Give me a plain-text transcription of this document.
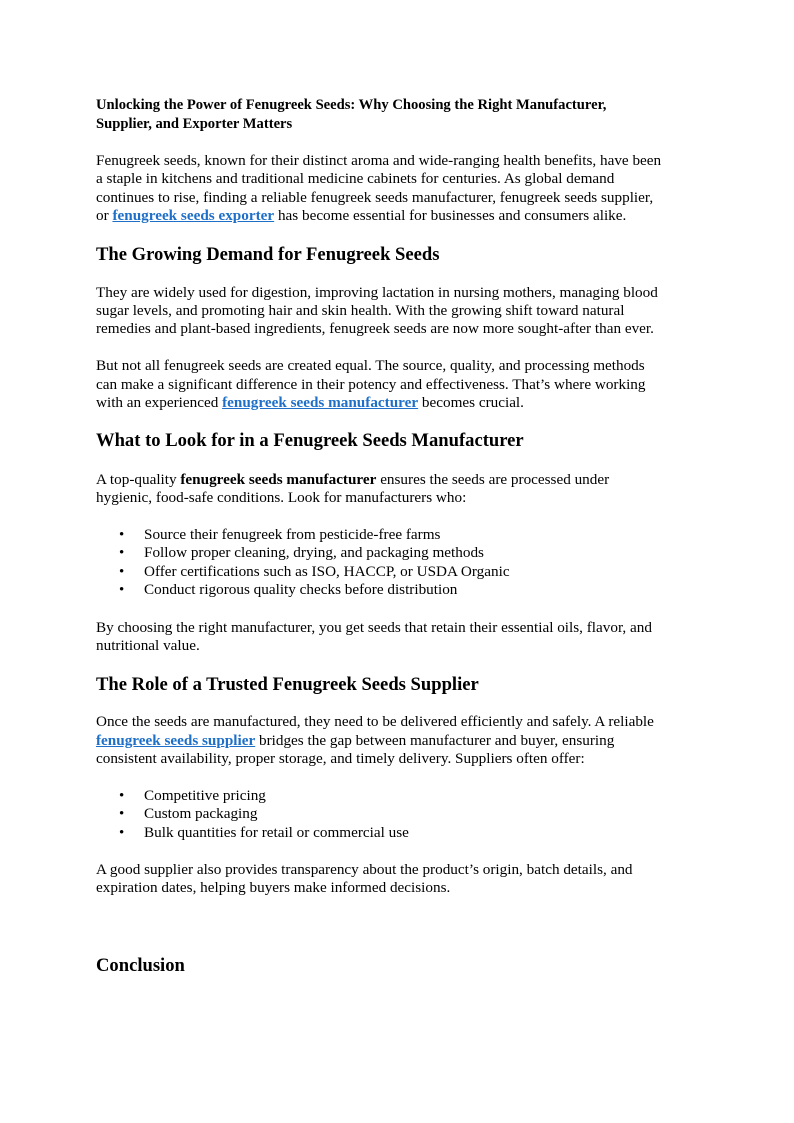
Unlocking the Power of Fenugreek Seeds: Why Choosing the Right Manufacturer,
Supplier, and Exporter Matters
Fenugreek seeds, known for their distinct aroma and wide-ranging health benefits, have been
a staple in kitchens and traditional medicine cabinets for centuries. As global demand
continues to rise, finding a reliable fenugreek seeds manufacturer, fenugreek seeds supplier,
or fenugreek seeds exporter has become essential for businesses and consumers alike.
The Growing Demand for Fenugreek Seeds
They are widely used for digestion, improving lactation in nursing mothers, managing blood
sugar levels, and promoting hair and skin health. With the growing shift toward natural
remedies and plant-based ingredients, fenugreek seeds are now more sought-after than ever.
But not all fenugreek seeds are created equal. The source, quality, and processing methods
can make a significant difference in their potency and effectiveness. That’s where working
with an experienced fenugreek seeds manufacturer becomes crucial.
What to Look for in a Fenugreek Seeds Manufacturer
A top-quality fenugreek seeds manufacturer ensures the seeds are processed under
hygienic, food-safe conditions. Look for manufacturers who:
• Source their fenugreek from pesticide-free farms
• Follow proper cleaning, drying, and packaging methods
• Offer certifications such as ISO, HACCP, or USDA Organic
• Conduct rigorous quality checks before distribution
By choosing the right manufacturer, you get seeds that retain their essential oils, flavor, and
nutritional value.
The Role of a Trusted Fenugreek Seeds Supplier
Once the seeds are manufactured, they need to be delivered efficiently and safely. A reliable
fenugreek seeds supplier bridges the gap between manufacturer and buyer, ensuring
consistent availability, proper storage, and timely delivery. Suppliers often offer:
• Competitive pricing
• Custom packaging
• Bulk quantities for retail or commercial use
A good supplier also provides transparency about the product’s origin, batch details, and
expiration dates, helping buyers make informed decisions.
Conclusion
